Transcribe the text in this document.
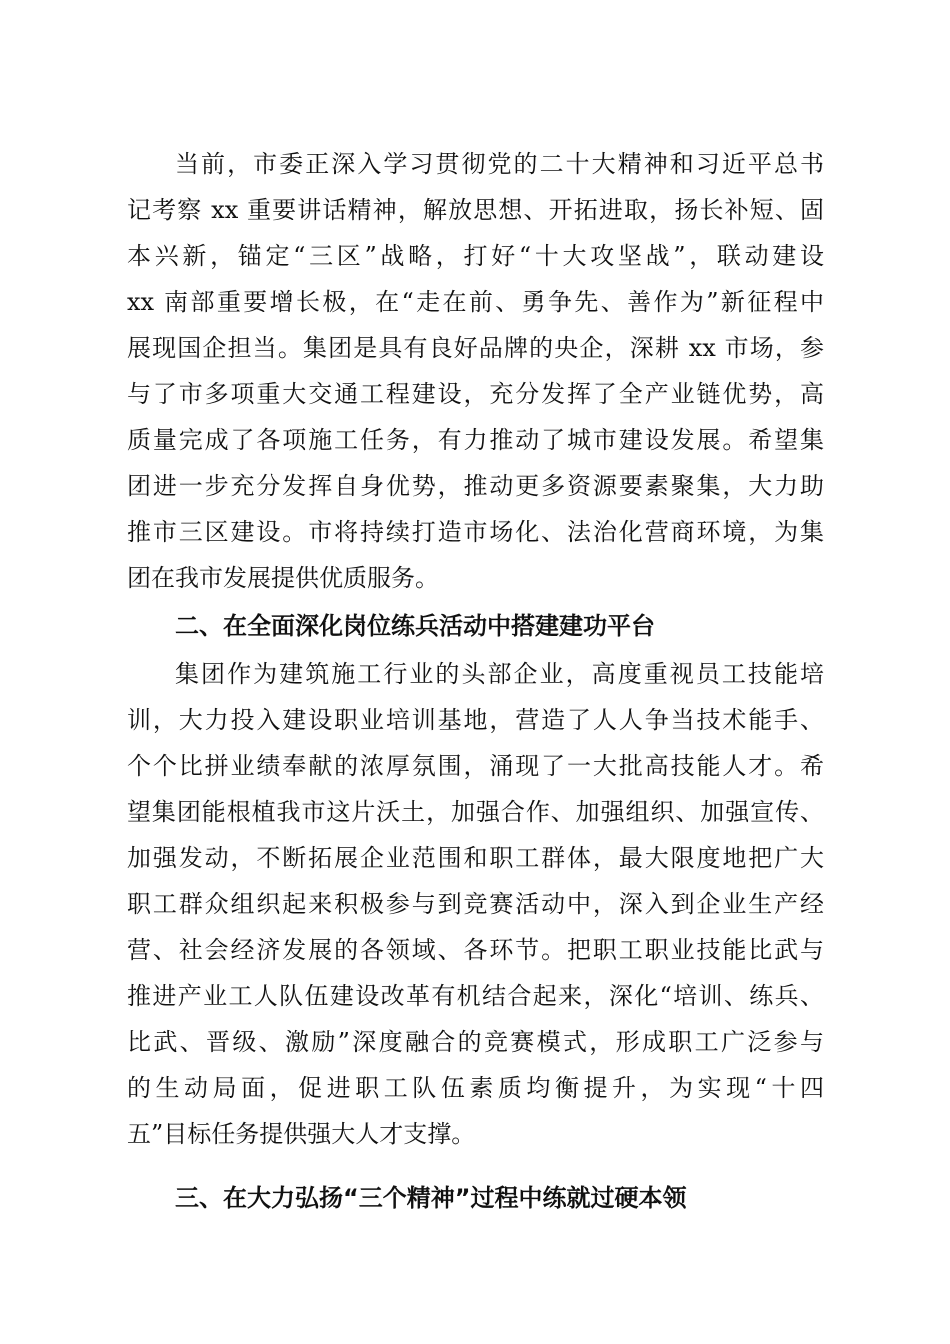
当前，市委正深入学习贯彻党的二十大精神和习近平总书
记考察 xx 重要讲话精神，解放思想、开拓进取，扬长补短、固
本兴新，锚定“三区”战略，打好“十大攻坚战”，联动建设
xx 南部重要增长极，在“走在前、勇争先、善作为”新征程中
展现国企担当。集团是具有良好品牌的央企，深耕 xx 市场，参
与了市多项重大交通工程建设，充分发挥了全产业链优势，高
质量完成了各项施工任务，有力推动了城市建设发展。希望集
团进一步充分发挥自身优势，推动更多资源要素聚集，大力助
推市三区建设。市将持续打造市场化、法治化营商环境，为集
团在我市发展提供优质服务。
二、在全面深化岗位练兵活动中搭建建功平台
集团作为建筑施工行业的头部企业，高度重视员工技能培
训，大力投入建设职业培训基地，营造了人人争当技术能手、
个个比拼业绩奉献的浓厚氛围，涌现了一大批高技能人才。希
望集团能根植我市这片沃土，加强合作、加强组织、加强宣传、
加强发动，不断拓展企业范围和职工群体，最大限度地把广大
职工群众组织起来积极参与到竞赛活动中，深入到企业生产经
营、社会经济发展的各领域、各环节。把职工职业技能比武与
推进产业工人队伍建设改革有机结合起来，深化“培训、练兵、
比武、晋级、激励”深度融合的竞赛模式，形成职工广泛参与
的生动局面，促进职工队伍素质均衡提升，为实现“十四
五”目标任务提供强大人才支撑。
三、在大力弘扬“三个精神”过程中练就过硬本领
